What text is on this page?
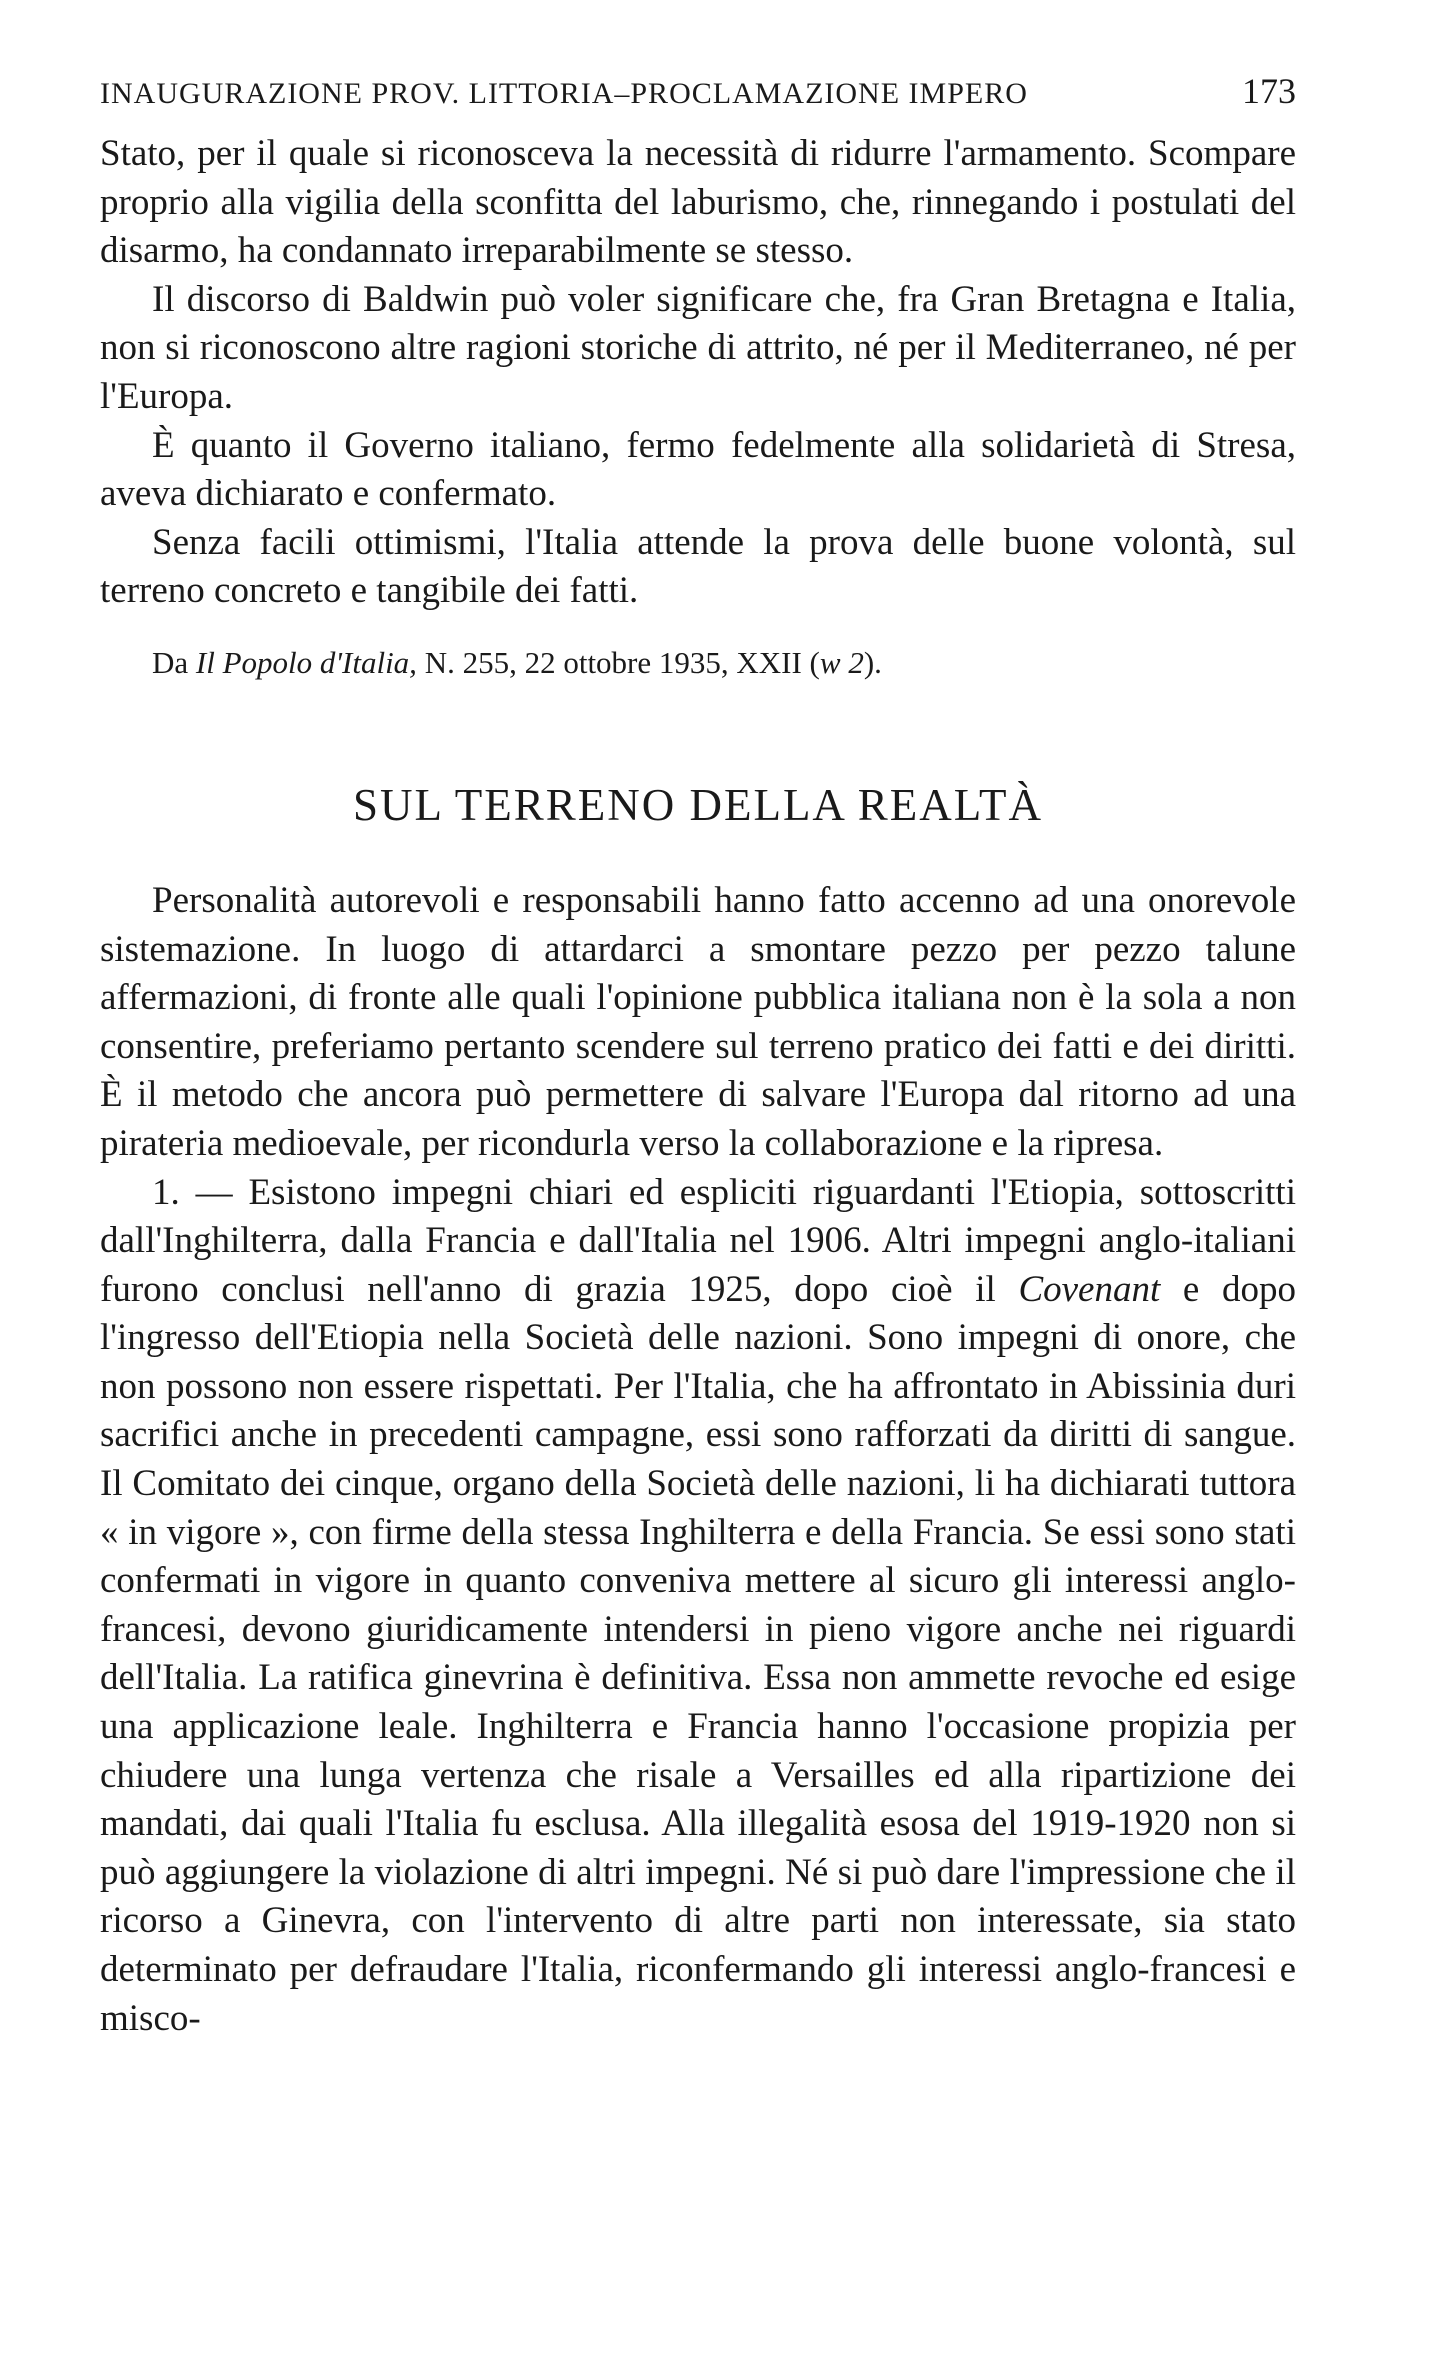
INAUGURAZIONE PROV. LITTORIA–PROCLAMAZIONE IMPERO	173

Stato, per il quale si riconosceva la necessità di ridurre l'armamento. Scompare proprio alla vigilia della sconfitta del laburismo, che, rinnegando i postulati del disarmo, ha condannato irreparabilmente se stesso.

Il discorso di Baldwin può voler significare che, fra Gran Bretagna e Italia, non si riconoscono altre ragioni storiche di attrito, né per il Mediterraneo, né per l'Europa.

È quanto il Governo italiano, fermo fedelmente alla solidarietà di Stresa, aveva dichiarato e confermato.

Senza facili ottimismi, l'Italia attende la prova delle buone volontà, sul terreno concreto e tangibile dei fatti.

Da Il Popolo d'Italia, N. 255, 22 ottobre 1935, XXII (w 2).
SUL TERRENO DELLA REALTÀ

Personalità autorevoli e responsabili hanno fatto accenno ad una onorevole sistemazione. In luogo di attardarci a smontare pezzo per pezzo talune affermazioni, di fronte alle quali l'opinione pubblica italiana non è la sola a non consentire, preferiamo pertanto scendere sul terreno pratico dei fatti e dei diritti. È il metodo che ancora può permettere di salvare l'Europa dal ritorno ad una pirateria medioevale, per ricondurla verso la collaborazione e la ripresa.

1. — Esistono impegni chiari ed espliciti riguardanti l'Etiopia, sottoscritti dall'Inghilterra, dalla Francia e dall'Italia nel 1906. Altri impegni anglo-italiani furono conclusi nell'anno di grazia 1925, dopo cioè il Covenant e dopo l'ingresso dell'Etiopia nella Società delle nazioni. Sono impegni di onore, che non possono non essere rispettati. Per l'Italia, che ha affrontato in Abissinia duri sacrifici anche in precedenti campagne, essi sono rafforzati da diritti di sangue. Il Comitato dei cinque, organo della Società delle nazioni, li ha dichiarati tuttora « in vigore », con firme della stessa Inghilterra e della Francia. Se essi sono stati confermati in vigore in quanto conveniva mettere al sicuro gli interessi anglo-francesi, devono giuridicamente intendersi in pieno vigore anche nei riguardi dell'Italia. La ratifica ginevrina è definitiva. Essa non ammette revoche ed esige una applicazione leale. Inghilterra e Francia hanno l'occasione propizia per chiudere una lunga vertenza che risale a Versailles ed alla ripartizione dei mandati, dai quali l'Italia fu esclusa. Alla illegalità esosa del 1919-1920 non si può aggiungere la violazione di altri impegni. Né si può dare l'impressione che il ricorso a Ginevra, con l'intervento di altre parti non interessate, sia stato determinato per defraudare l'Italia, riconfermando gli interessi anglo-francesi e misco-
